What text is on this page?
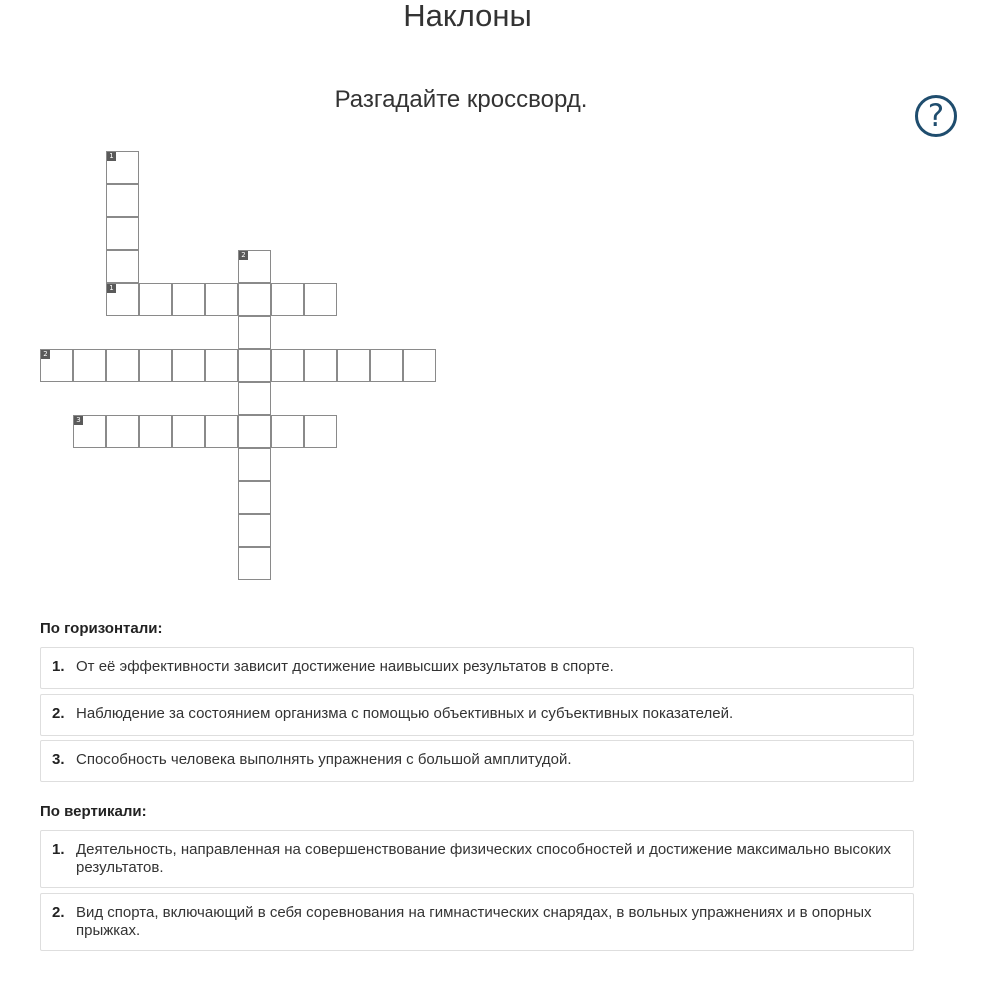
Наклоны

Разгадайте кроссворд.	?
1
1
2
2
3

По горизонтали:

1. От её эффективности зависит достижение наивысших результатов в спорте.
2. Наблюдение за состоянием организма с помощью объективных и субъективных показателей.
3. Способность человека выполнять упражнения с большой амплитудой.

По вертикали:

1. Деятельность, направленная на совершенствование физических способностей и достижение максимально высоких результатов.
2. Вид спорта, включающий в себя соревнования на гимнастических снарядах, в вольных упражнениях и в опорных прыжках.
